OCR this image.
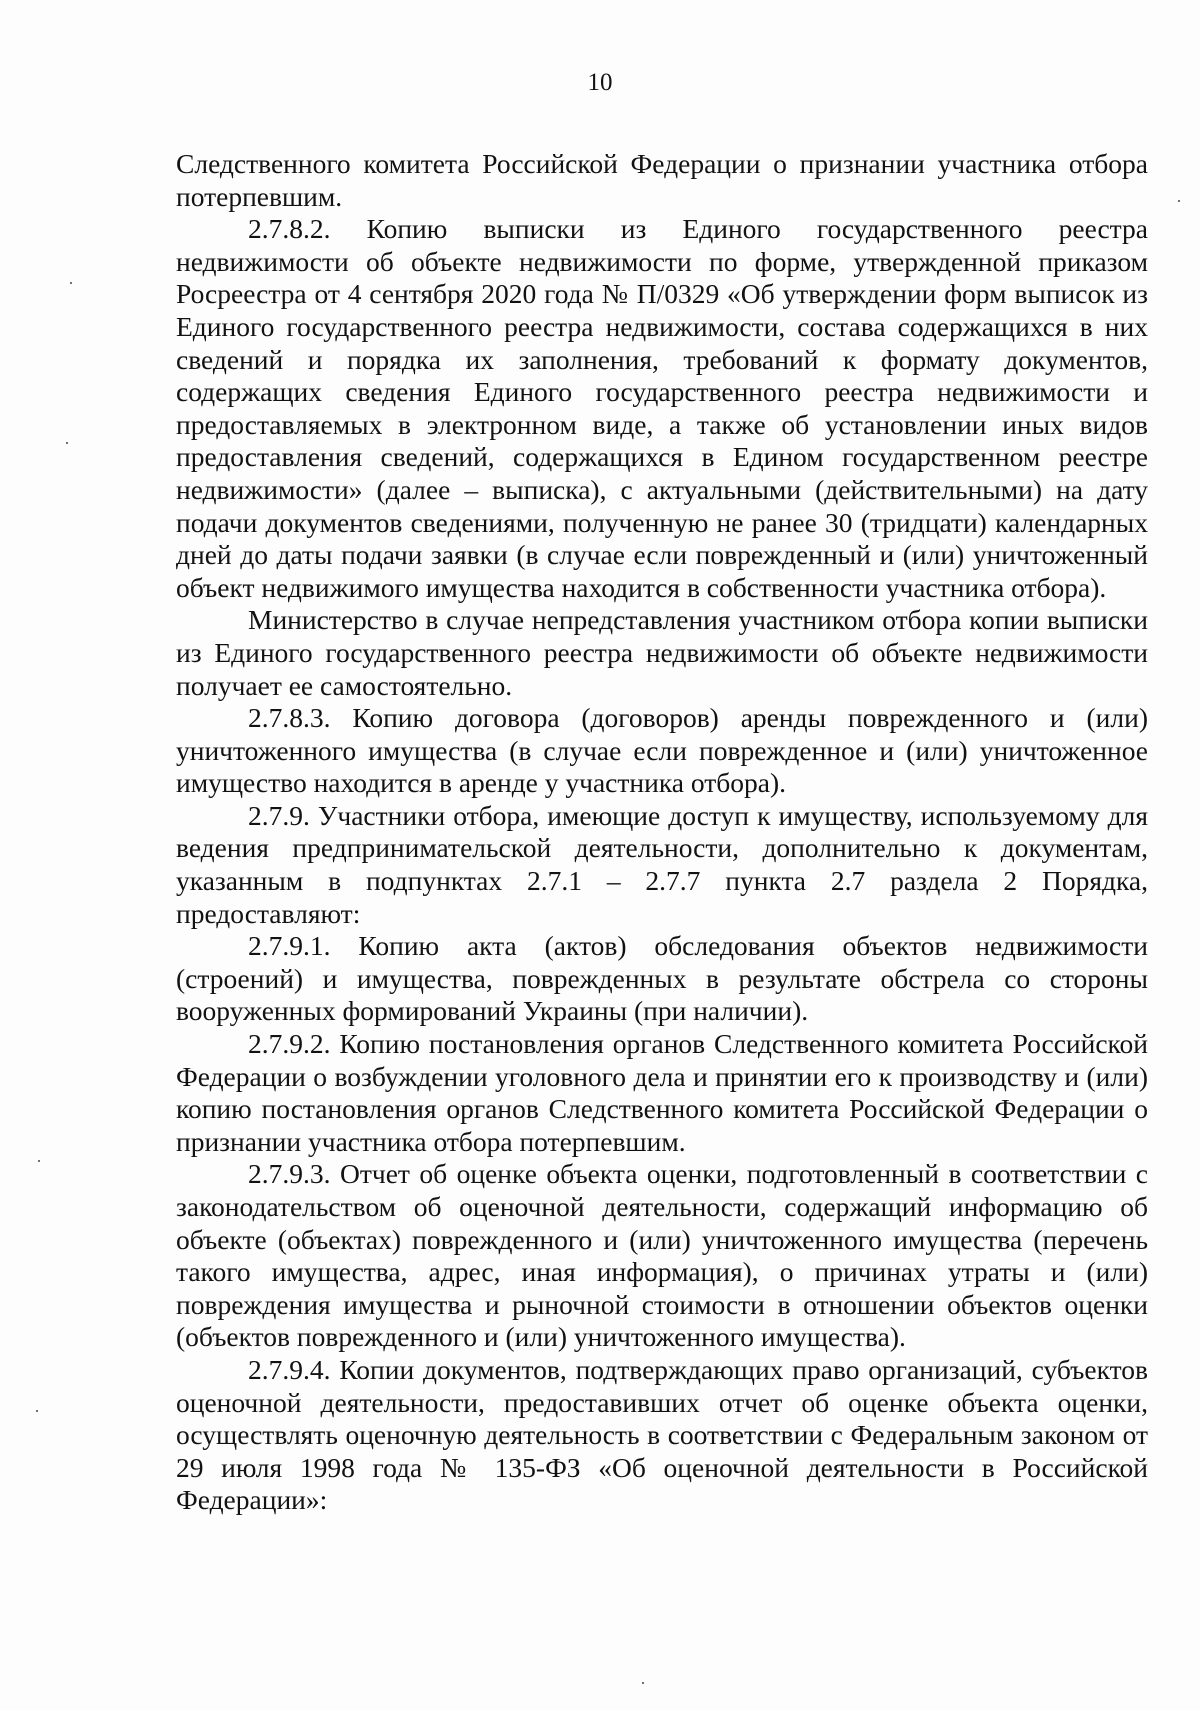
10

Следственного комитета Российской Федерации о признании участника отбора потерпевшим.

2.7.8.2. Копию выписки из Единого государственного реестра недвижимости об объекте недвижимости по форме, утвержденной приказом Росреестра от 4 сентября 2020 года № П/0329 «Об утверждении форм выписок из Единого государственного реестра недвижимости, состава содержащихся в них сведений и порядка их заполнения, требований к формату документов, содержащих сведения Единого государственного реестра недвижимости и предоставляемых в электронном виде, а также об установлении иных видов предоставления сведений, содержащихся в Едином государственном реестре недвижимости» (далее – выписка), с актуальными (действительными) на дату подачи документов сведениями, полученную не ранее 30 (тридцати) календарных дней до даты подачи заявки (в случае если поврежденный и (или) уничтоженный объект недвижимого имущества находится в собственности участника отбора).

Министерство в случае непредставления участником отбора копии выписки из Единого государственного реестра недвижимости об объекте недвижимости получает ее самостоятельно.

2.7.8.3. Копию договора (договоров) аренды поврежденного и (или) уничтоженного имущества (в случае если поврежденное и (или) уничтоженное имущество находится в аренде у участника отбора).

2.7.9. Участники отбора, имеющие доступ к имуществу, используемому для ведения предпринимательской деятельности, дополнительно к документам, указанным в подпунктах 2.7.1 – 2.7.7 пункта 2.7 раздела 2 Порядка, предоставляют:

2.7.9.1. Копию акта (актов) обследования объектов недвижимости (строений) и имущества, поврежденных в результате обстрела со стороны вооруженных формирований Украины (при наличии).

2.7.9.2. Копию постановления органов Следственного комитета Российской Федерации о возбуждении уголовного дела и принятии его к производству и (или) копию постановления органов Следственного комитета Российской Федерации о признании участника отбора потерпевшим.

2.7.9.3. Отчет об оценке объекта оценки, подготовленный в соответствии с законодательством об оценочной деятельности, содержащий информацию об объекте (объектах) поврежденного и (или) уничтоженного имущества (перечень такого имущества, адрес, иная информация), о причинах утраты и (или) повреждения имущества и рыночной стоимости в отношении объектов оценки (объектов поврежденного и (или) уничтоженного имущества).

2.7.9.4. Копии документов, подтверждающих право организаций, субъектов оценочной деятельности, предоставивших отчет об оценке объекта оценки, осуществлять оценочную деятельность в соответствии с Федеральным законом от 29 июля 1998 года № 135-ФЗ «Об оценочной деятельности в Российской Федерации»:
